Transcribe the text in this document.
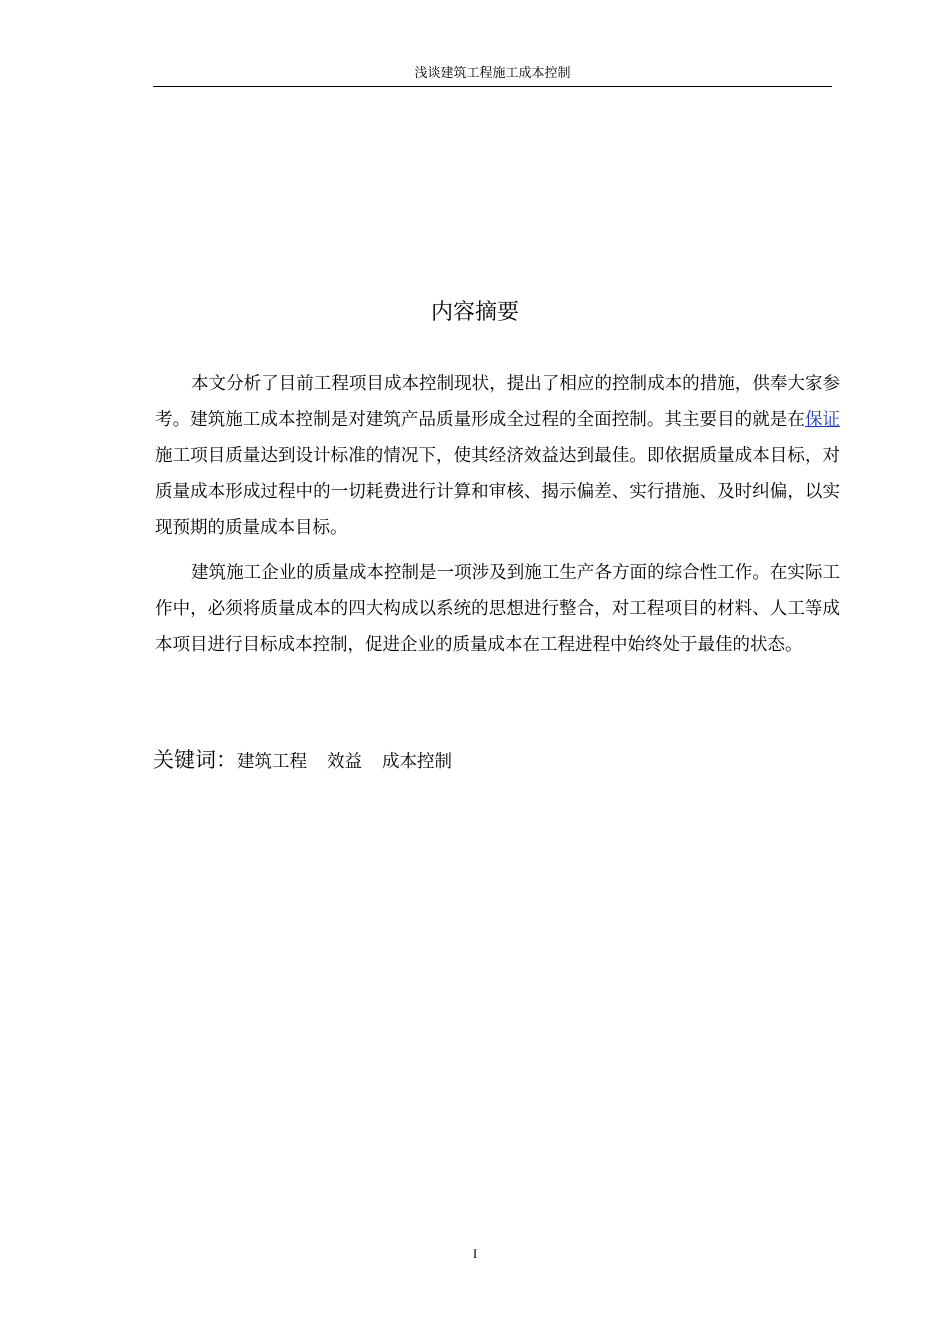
浅谈建筑工程施工成本控制
内容摘要

本文分析了目前工程项目成本控制现状，提出了相应的控制成本的措施，供奉大家参考。建筑施工成本控制是对建筑产品质量形成全过程的全面控制。其主要目的就是在保证施工项目质量达到设计标准的情况下，使其经济效益达到最佳。即依据质量成本目标，对质量成本形成过程中的一切耗费进行计算和审核、揭示偏差、实行措施、及时纠偏，以实现预期的质量成本目标。

建筑施工企业的质量成本控制是一项涉及到施工生产各方面的综合性工作。在实际工作中，必须将质量成本的四大构成以系统的思想进行整合，对工程项目的材料、人工等成本项目进行目标成本控制，促进企业的质量成本在工程进程中始终处于最佳的状态。

关键词：建筑工程 效益 成本控制
I
